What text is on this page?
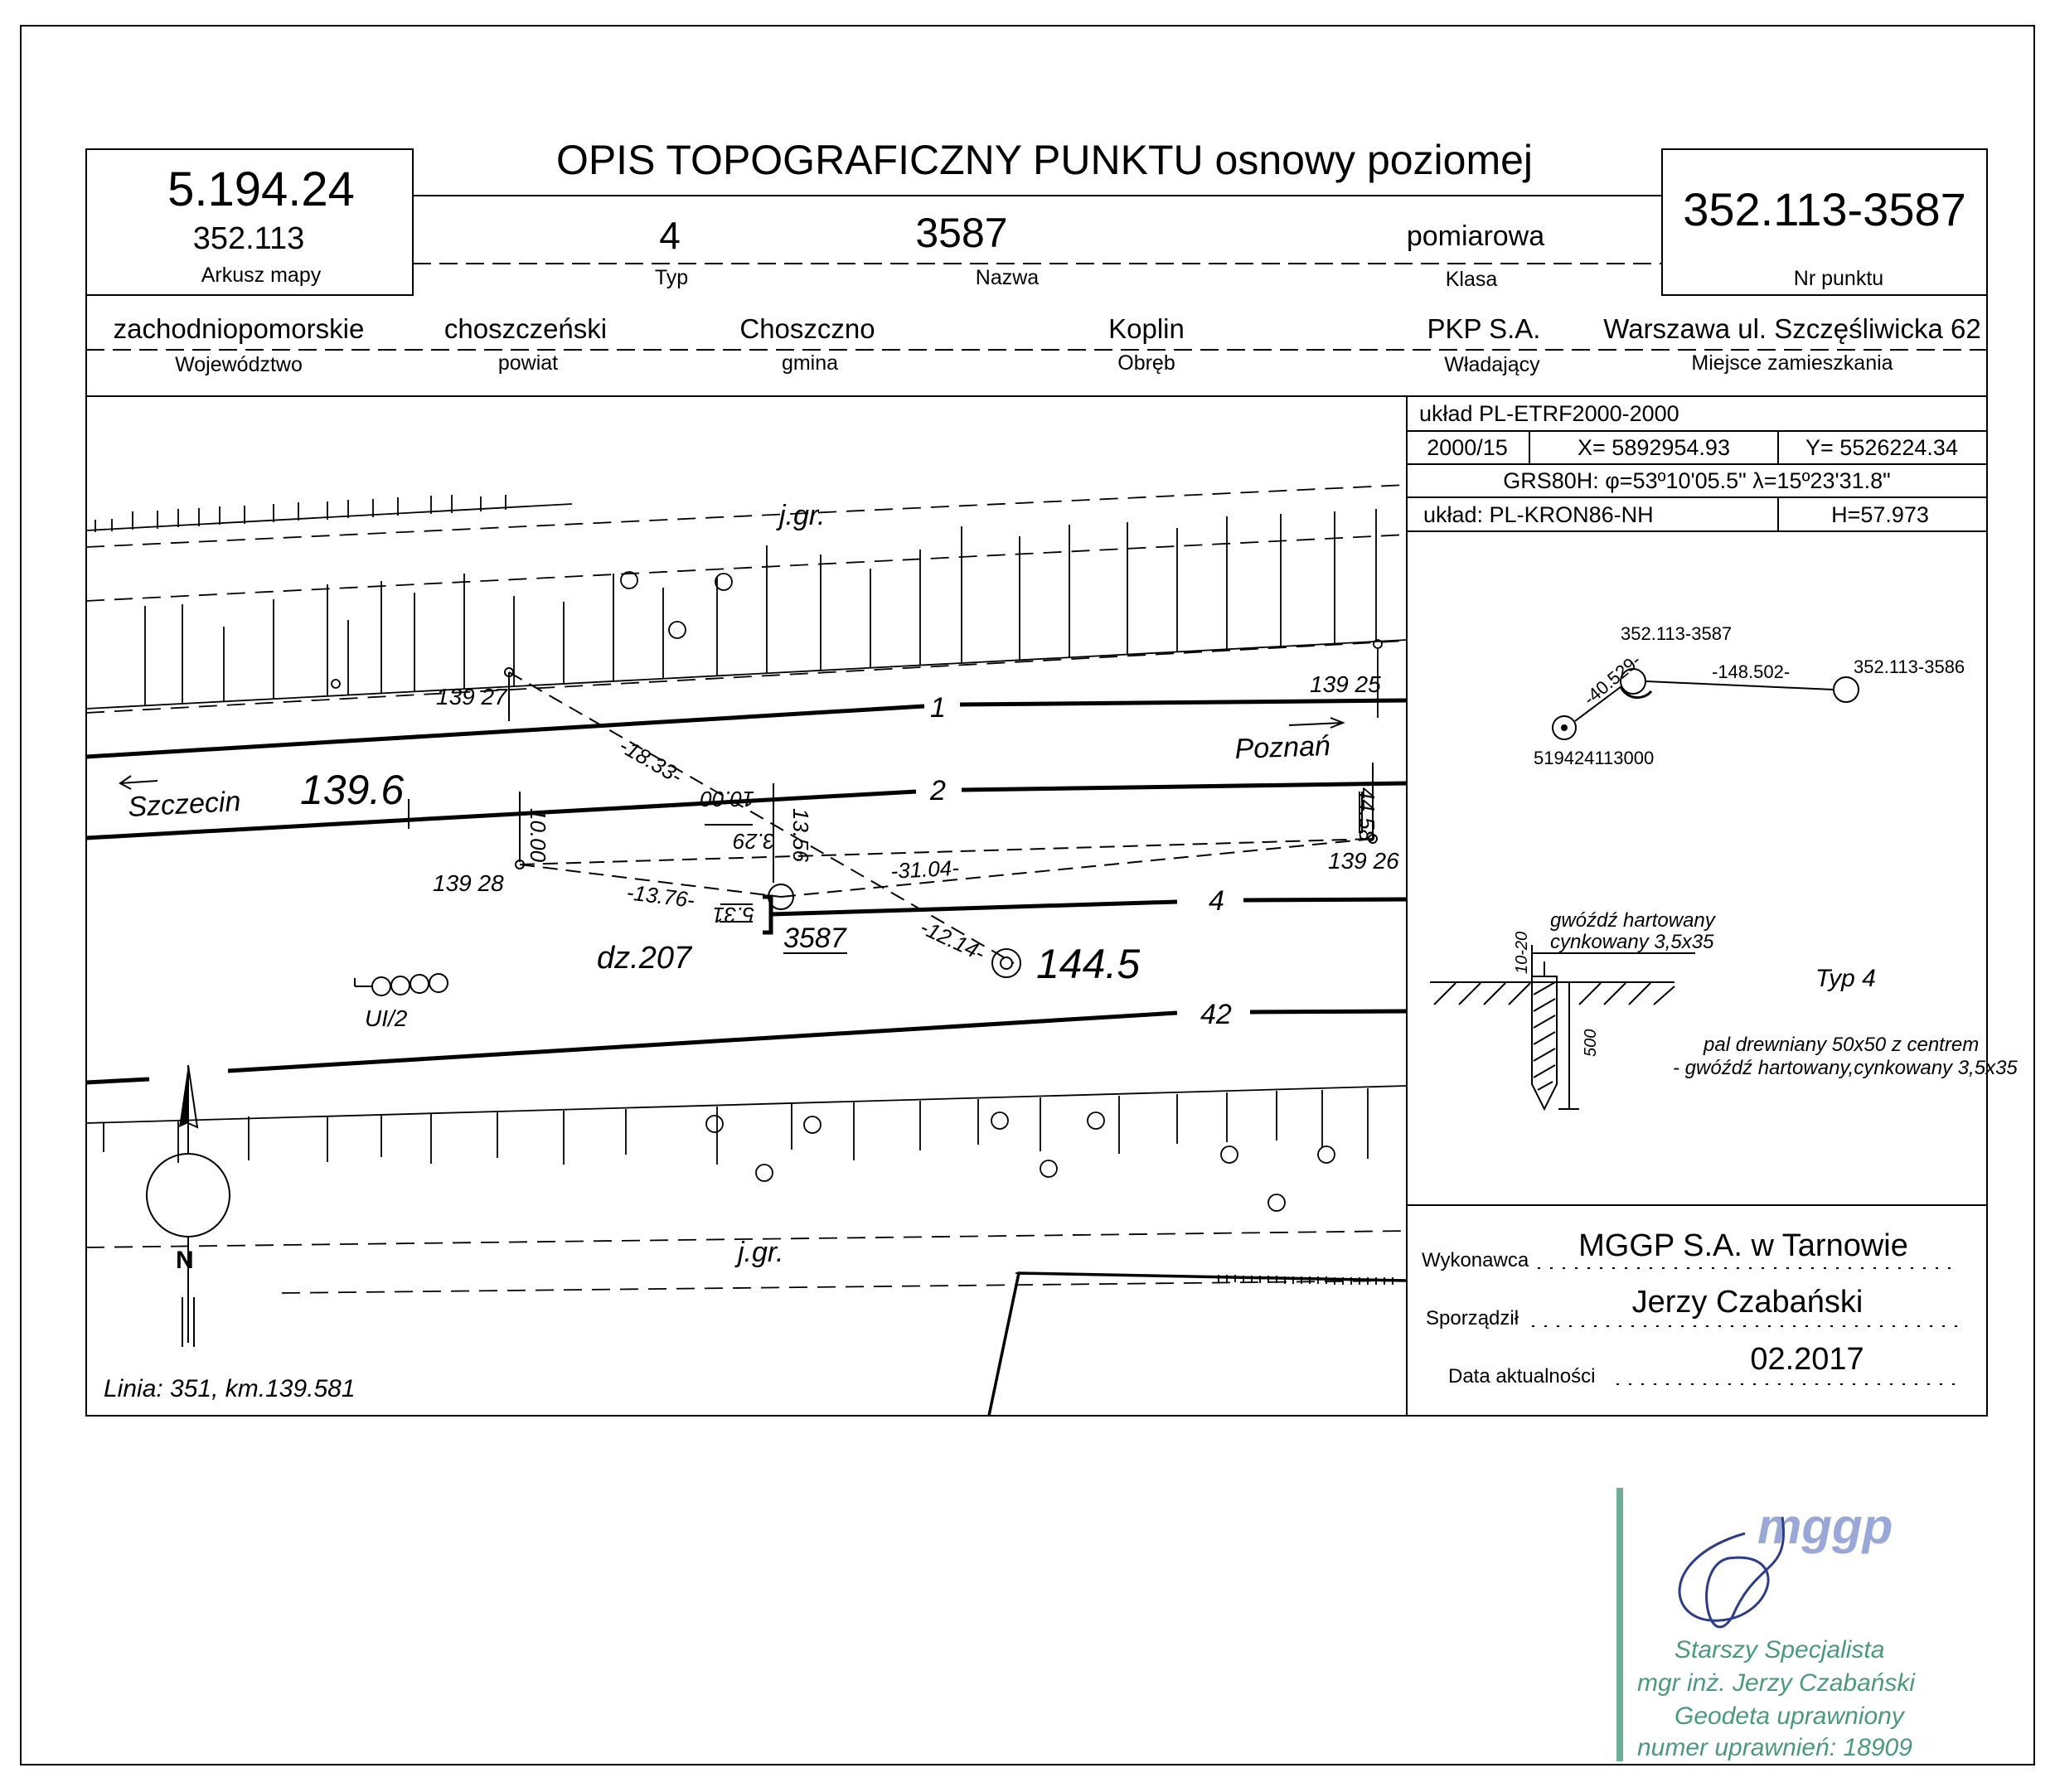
j.gr.
j.gr.
Szczecin
Poznań
139.6
144.5
1
2
4
42
139 27	139 25
139 28
139 26
-18.33-
10.00
10.00
13.56
3.29	44.58
-31.04-
-13.76-
5.31	-12.14-
3587
dz.207
UI/2
Linia: 351, km.139.581
N
352.113-3587
352.113-3586
519424113000
-40.529-	-148.502-
gwóźdź hartowany
cynkowany 3,5x35
10-20
500
Typ 4
pal drewniany 50x50 z centrem
- gwóźdź hartowany,cynkowany 3,5x35
OPIS TOPOGRAFICZNY PUNKTU osnowy poziomej
5.194.24
352.113
Arkusz mapy
352.113-3587
Nr punktu
4
Typ
3587
Nazwa
pomiarowa
Klasa
zachodniopomorskie
Województwo
choszczeński
powiat
Choszczno
gmina
Koplin
Obręb
PKP S.A.
Władający
Warszawa ul. Szczęśliwicka 62
Miejsce zamieszkania
układ PL-ETRF2000-2000
2000/15	X= 5892954.93	Y= 5526224.34
GRS80H: φ=53º10'05.5" λ=15º23'31.8"
układ: PL-KRON86-NH	H=57.973
Wykonawca MGGP S.A. w Tarnowie
Sporządził	Jerzy Czabański
Data aktualności	02.2017
mggp
Starszy Specjalista
mgr inż. Jerzy Czabański
Geodeta uprawniony
numer uprawnień: 18909
